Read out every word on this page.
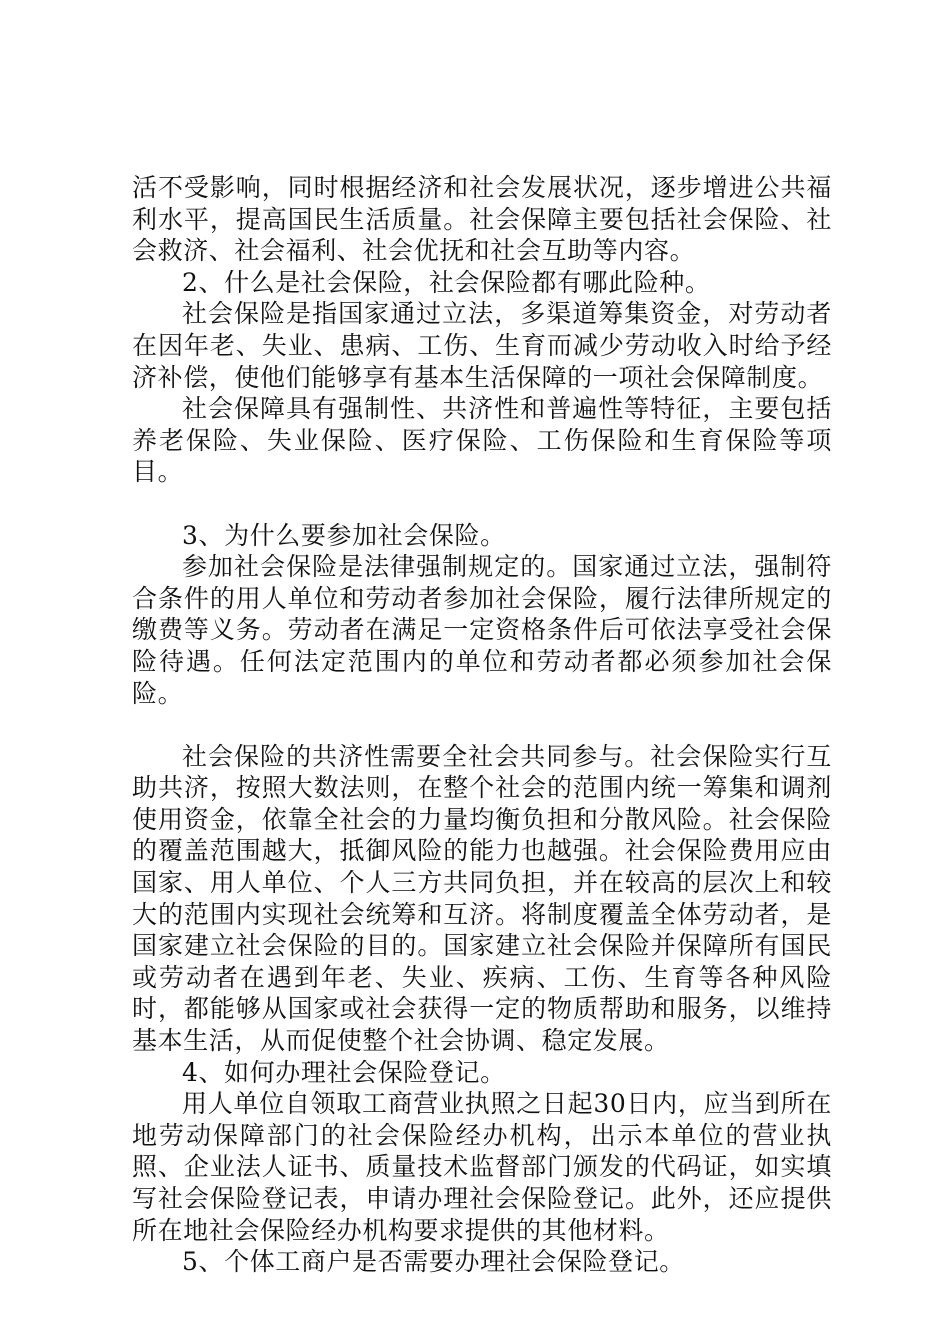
活不受影响，同时根据经济和社会发展状况，逐步增进公共福利水平，提高国民生活质量。社会保障主要包括社会保险、社会救济、社会福利、社会优抚和社会互助等内容。

2、什么是社会保险，社会保险都有哪此险种。

社会保险是指国家通过立法，多渠道筹集资金，对劳动者在因年老、失业、患病、工伤、生育而减少劳动收入时给予经济补偿，使他们能够享有基本生活保障的一项社会保障制度。

社会保障具有强制性、共济性和普遍性等特征，主要包括养老保险、失业保险、医疗保险、工伤保险和生育保险等项目。

3、为什么要参加社会保险。

参加社会保险是法律强制规定的。国家通过立法，强制符合条件的用人单位和劳动者参加社会保险，履行法律所规定的缴费等义务。劳动者在满足一定资格条件后可依法享受社会保险待遇。任何法定范围内的单位和劳动者都必须参加社会保险。

社会保险的共济性需要全社会共同参与。社会保险实行互助共济，按照大数法则，在整个社会的范围内统一筹集和调剂使用资金，依靠全社会的力量均衡负担和分散风险。社会保险的覆盖范围越大，抵御风险的能力也越强。社会保险费用应由国家、用人单位、个人三方共同负担，并在较高的层次上和较大的范围内实现社会统筹和互济。将制度覆盖全体劳动者，是国家建立社会保险的目的。国家建立社会保险并保障所有国民或劳动者在遇到年老、失业、疾病、工伤、生育等各种风险时，都能够从国家或社会获得一定的物质帮助和服务，以维持基本生活，从而促使整个社会协调、稳定发展。

4、如何办理社会保险登记。

用人单位自领取工商营业执照之日起30日内，应当到所在地劳动保障部门的社会保险经办机构，出示本单位的营业执照、企业法人证书、质量技术监督部门颁发的代码证，如实填写社会保险登记表，申请办理社会保险登记。此外，还应提供所在地社会保险经办机构要求提供的其他材料。

5、个体工商户是否需要办理社会保险登记。
